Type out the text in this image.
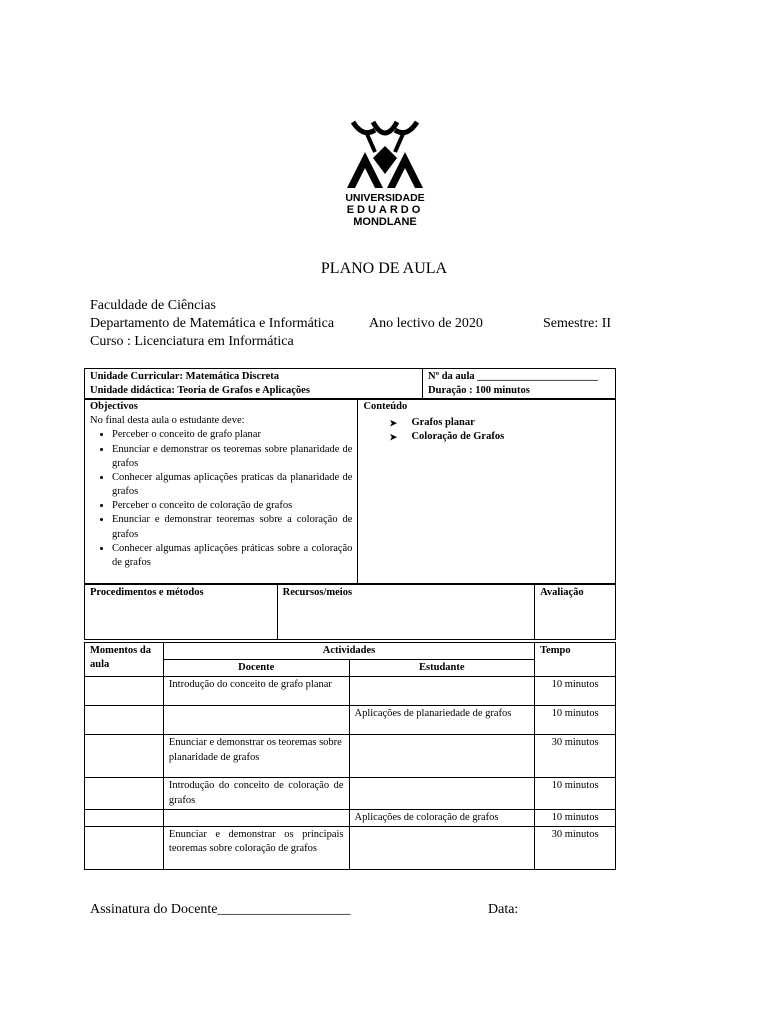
UNIVERSIDADE
EDUARDO
MONDLANE
PLANO DE AULA
Faculdade de Ciências
Departamento de Matemática e Informática Ano lectivo de 2020	Semestre: II
Curso : Licenciatura em Informática
Unidade Curricular: Matemática Discreta
Unidade didáctica: Teoria de Grafos e Aplicações

Nº da aula _______________________
Duração : 100 minutos
Objectivos
No final desta aula o estudante deve:
• Perceber o conceito de grafo planar
• Enunciar e demonstrar os teoremas sobre planaridade de grafos
• Conhecer algumas aplicações praticas da planaridade de grafos
• Perceber o conceito de coloração de grafos
• Enunciar e demonstrar teoremas sobre a coloração de grafos
• Conhecer algumas aplicações práticas sobre a coloração de grafos

Conteúdo
➤ Grafos planar
➤ Coloração de Grafos
Procedimentos e métodos	Recursos/meios	Avaliação
Momentos da aula	Actividades		Tempo
	Docente	Estudante	
	Introdução do conceito de grafo planar		10 minutos
		Aplicações de planariedade de grafos	10 minutos
	Enunciar e demonstrar os teoremas sobre planaridade de grafos		30 minutos
	Introdução do conceito de coloração de grafos		10 minutos
		Aplicações de coloração de grafos	10 minutos
	Enunciar e demonstrar os principais teoremas sobre coloração de grafos		30 minutos
Assinatura do Docente___________________	Data:
